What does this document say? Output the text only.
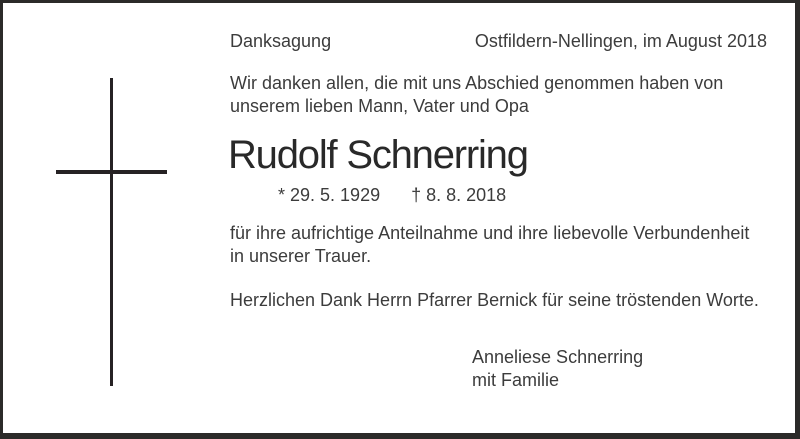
Danksagung	Ostfildern-Nellingen, im August 2018
Wir danken allen, die mit uns Abschied genommen haben von
unserem lieben Mann, Vater und Opa
Rudolf Schnerring
* 29. 5. 1929 † 8. 8. 2018
für ihre aufrichtige Anteilnahme und ihre liebevolle Verbundenheit
in unserer Trauer.
Herzlichen Dank Herrn Pfarrer Bernick für seine tröstenden Worte.
Anneliese Schnerring
mit Familie
